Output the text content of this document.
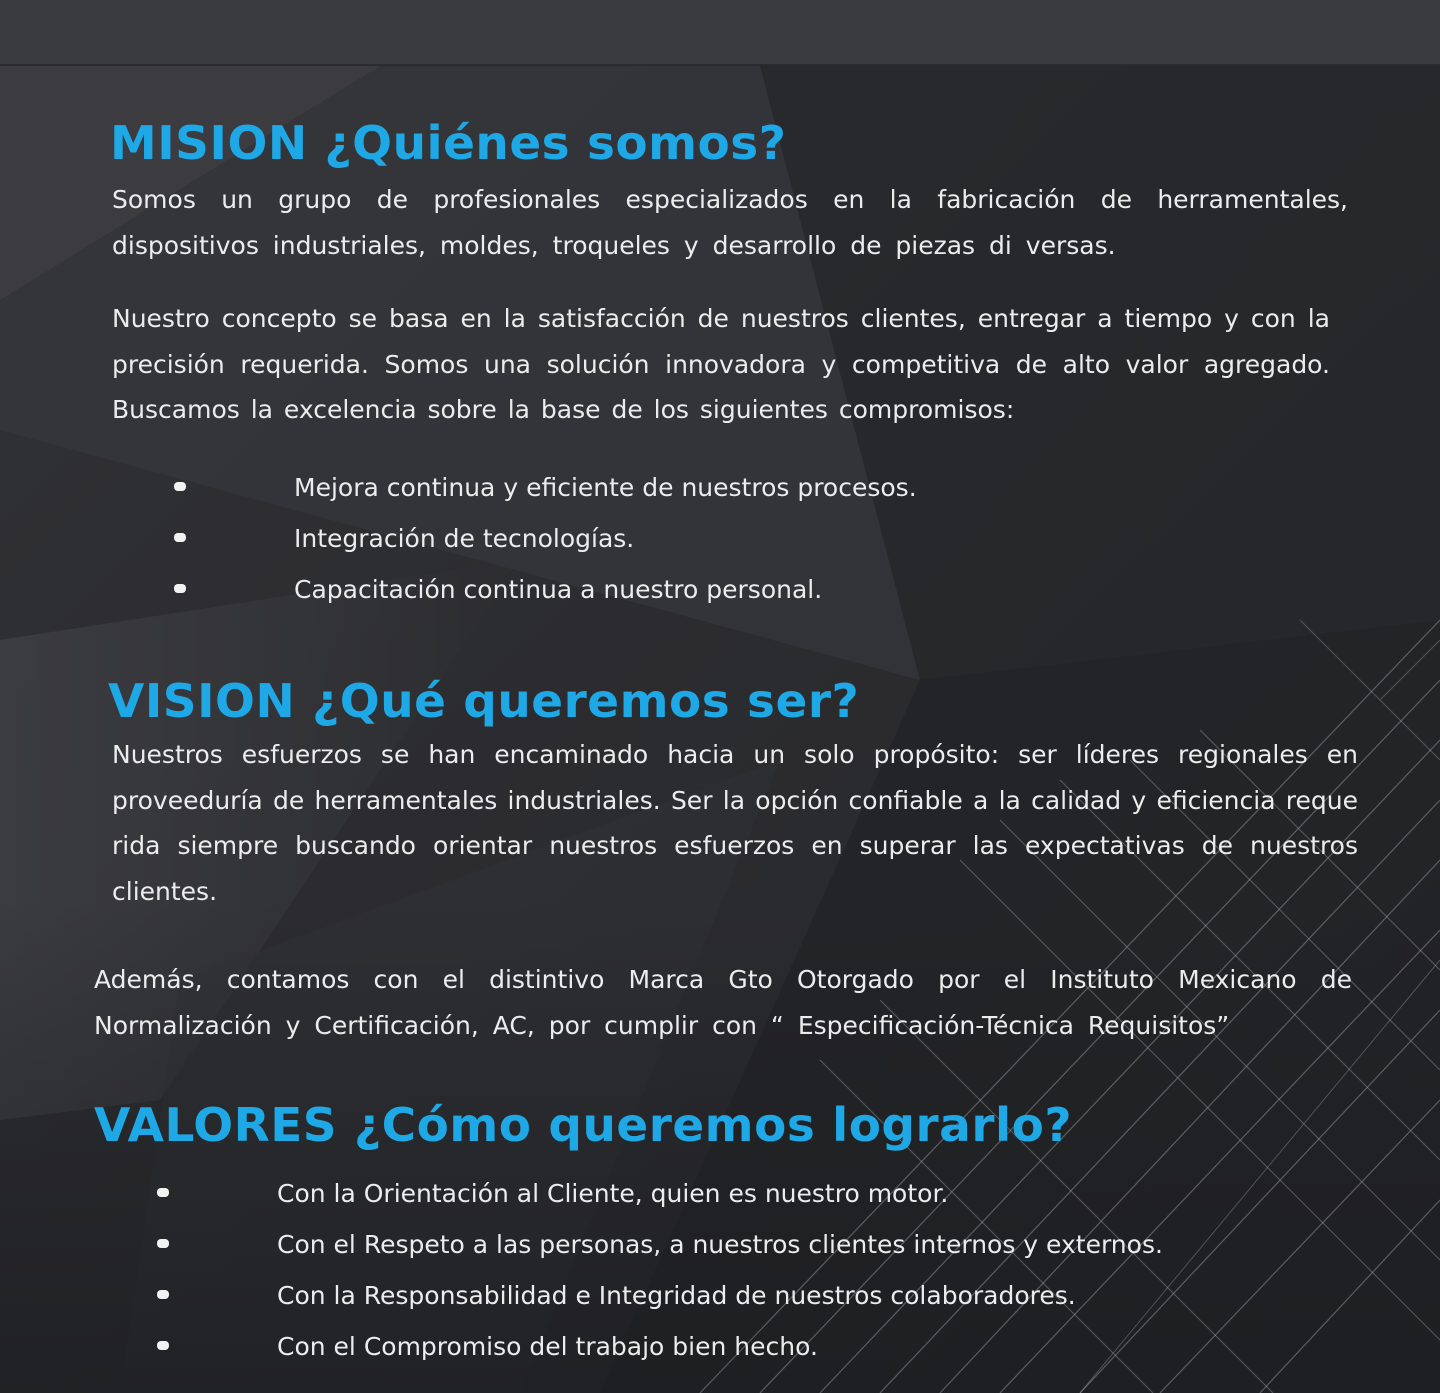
MISION ¿Quiénes somos?

Somos un grupo de profesionales especializados en la fabricación de herramentales, dispositivos industriales, moldes, troqueles y desarrollo de piezas di versas.

Nuestro concepto se basa en la satisfacción de nuestros clientes, entregar a tiempo y con la precisión requerida. Somos una solución innovadora y competitiva de alto valor agregado. Buscamos la excelencia sobre la base de los siguientes compromisos:

Mejora continua y eficiente de nuestros procesos.
Integración de tecnologías.
Capacitación continua a nuestro personal.
VISION ¿Qué queremos ser?

Nuestros esfuerzos se han encaminado hacia un solo propósito: ser líderes regionales en proveeduría de herramentales industriales. Ser la opción confiable a la calidad y eficiencia reque rida siempre buscando orientar nuestros esfuerzos en superar las expectativas de nuestros clientes.

Además, contamos con el distintivo Marca Gto Otorgado por el Instituto Mexicano de Normalización y Certificación, AC, por cumplir con “ Especificación-Técnica Requisitos”

VALORES ¿Cómo queremos lograrlo?
Con la Orientación al Cliente, quien es nuestro motor.
Con el Respeto a las personas, a nuestros clientes internos y externos.
Con la Responsabilidad e Integridad de nuestros colaboradores.
Con el Compromiso del trabajo bien hecho.
